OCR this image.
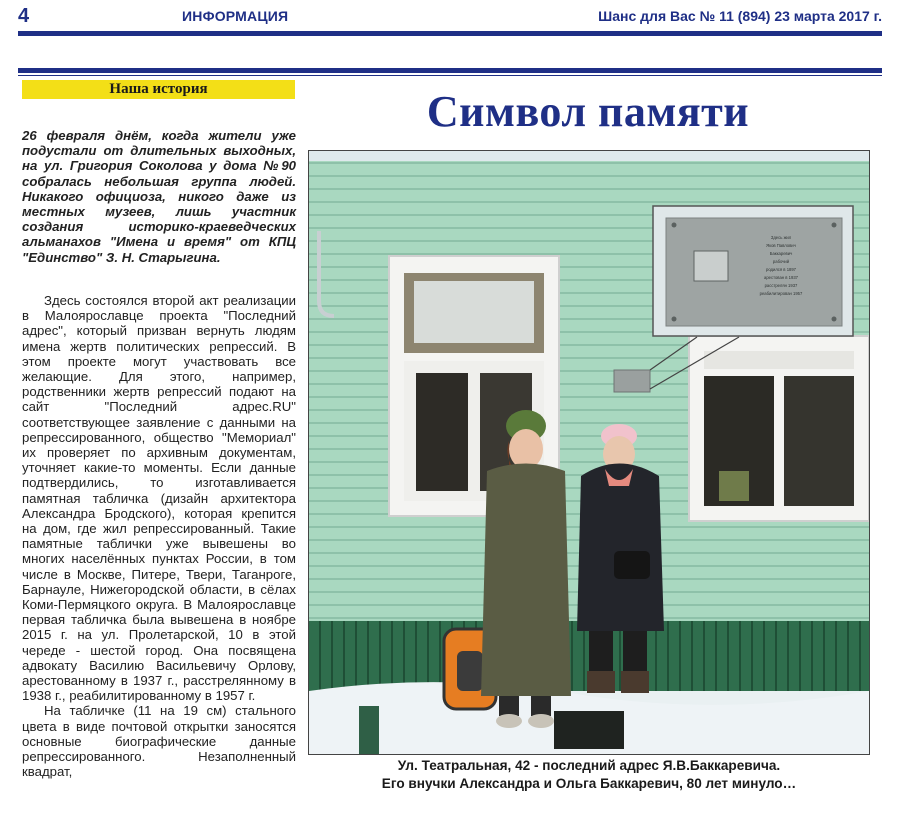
4	ИНФОРМАЦИЯ	Шанс для Вас № 11 (894) 23 марта 2017 г.
Наша история	Символ памяти
26 февраля днём, когда жители уже подустали от длительных выходных, на ул. Григория Соколова у дома №90 собралась небольшая группа людей. Никакого официоза, никого даже из местных музеев, лишь участник создания историко-краеведческих альманахов "Имена и время" от КПЦ "Единство" З. Н. Старыгина.

Здесь состоялся второй акт реализации в Малоярославце проекта "Последний адрес", который призван вернуть людям имена жертв политических репрессий. В этом проекте могут участвовать все желающие. Для этого, например, родственники жертв репрессий подают на сайт "Последний адрес.RU" соответствующее заявление с данными на репрессированного, общество "Мемориал" их проверяет по архивным документам, уточняет какие-то моменты. Если данные подтвердились, то изготавливается памятная табличка (дизайн архитектора Александра Бродского), которая крепится на дом, где жил репрессированный. Такие памятные таблички уже вывешены во многих населённых пунктах России, в том числе в Москве, Питере, Твери, Таганроге, Барнауле, Нижегородской области, в сёлах Коми-Пермяцкого округа. В Малоярославце первая табличка была вывешена в ноябре 2015 г. на ул. Пролетарской, 10 в этой череде - шестой город. Она посвящена адвокату Василию Васильевичу Орлову, арестованному в 1937 г., расстрелянному в 1938 г., реабилитированному в 1957 г.

На табличке (11 на 19 см) стального цвета в виде почтовой открытки заносятся основные биографические данные репрессированного. Незаполненный квадрат,

Здесь жил
Яков Павлович
Баккаревич
рабочий
родился в 1897
арестован в 1937
расстрелян 1937
реабилитирован 1957
Ул. Театральная, 42 - последний адрес Я.В.Баккаревича.
Его внучки Александра и Ольга Баккаревич, 80 лет минуло…
